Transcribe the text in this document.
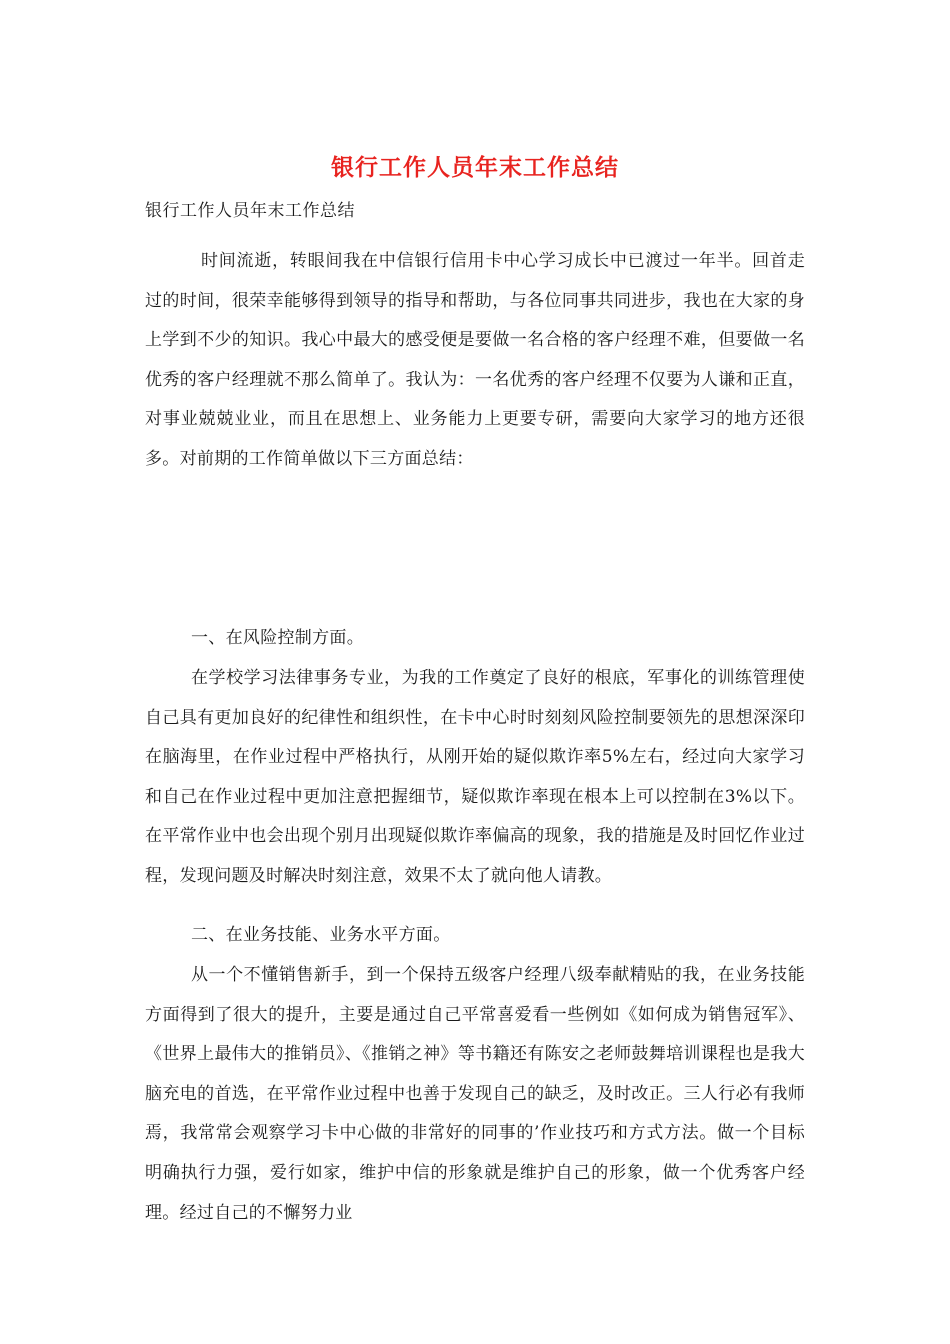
银行工作人员年末工作总结

银行工作人员年末工作总结

时间流逝，转眼间我在中信银行信用卡中心学习成长中已渡过一年半。回首走过的时间，很荣幸能够得到领导的指导和帮助，与各位同事共同进步，我也在大家的身上学到不少的知识。我心中最大的感受便是要做一名合格的客户经理不难，但要做一名优秀的客户经理就不那么简单了。我认为：一名优秀的客户经理不仅要为人谦和正直，对事业兢兢业业，而且在思想上、业务能力上更要专研，需要向大家学习的地方还很多。对前期的工作简单做以下三方面总结：

一、在风险控制方面。

在学校学习法律事务专业，为我的工作奠定了良好的根底，军事化的训练管理使自己具有更加良好的纪律性和组织性，在卡中心时时刻刻风险控制要领先的思想深深印在脑海里，在作业过程中严格执行，从刚开始的疑似欺诈率5%左右，经过向大家学习和自己在作业过程中更加注意把握细节，疑似欺诈率现在根本上可以控制在3%以下。在平常作业中也会出现个别月出现疑似欺诈率偏高的现象，我的措施是及时回忆作业过程，发现问题及时解决时刻注意，效果不太了就向他人请教。

二、在业务技能、业务水平方面。

从一个不懂销售新手，到一个保持五级客户经理八级奉献精贴的我，在业务技能方面得到了很大的提升，主要是通过自己平常喜爱看一些例如《如何成为销售冠军》、《世界上最伟大的推销员》、《推销之神》等书籍还有陈安之老师鼓舞培训课程也是我大脑充电的首选，在平常作业过程中也善于发现自己的缺乏，及时改正。三人行必有我师焉，我常常会观察学习卡中心做的非常好的同事的’作业技巧和方式方法。做一个目标明确执行力强，爱行如家，维护中信的形象就是维护自己的形象，做一个优秀客户经理。经过自己的不懈努力业
